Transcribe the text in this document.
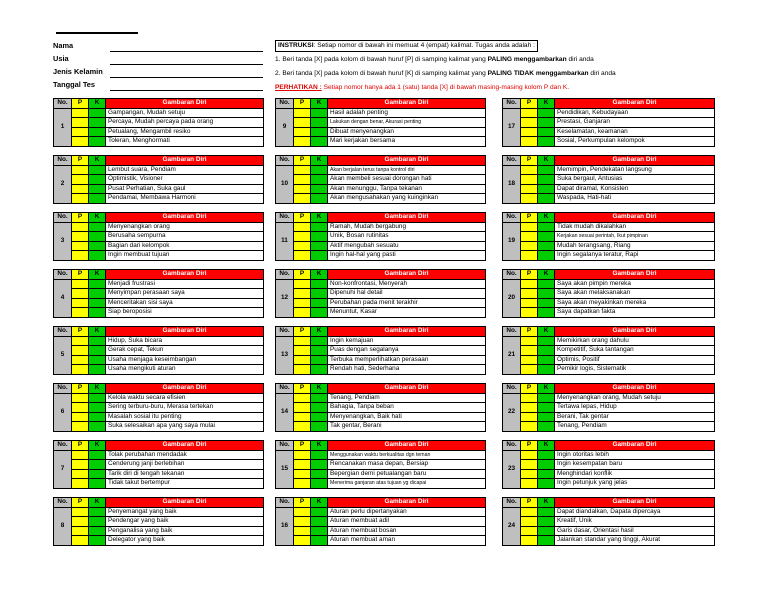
Nama
Usia
Jenis Kelamin
Tanggal Tes
INSTRUKSI: Setiap nomor di bawah ini memuat 4 (empat) kalimat. Tugas anda adalah :
1. Beri tanda [X] pada kolom di bawah huruf [P] di samping kalimat yang PALING menggambarkan diri anda
2. Beri tanda [X] pada kolom di bawah huruf [K] di samping kalimat yang PALING TIDAK menggambarkan diri anda
PERHATIKAN : Setiap nomor hanya ada 1 (satu) tanda [X] di bawah masing-masing kolom P dan K.
No.	P	K	Gambaran Diri
1			Gampangan, Mudah setuju
			Percaya, Mudah percaya pada orang
			Petualang, Mengambil resiko
			Toleran, Menghormati
No.	P	K	Gambaran Diri
2			Lembut suara, Pendiam
			Optimistik, Visioner
			Pusat Perhatian, Suka gaul
			Pendamai, Membawa Harmoni
No.	P	K	Gambaran Diri
3			Menyenangkan orang
			Berusaha sempurna
			Bagian dari kelompok
			Ingin membuat tujuan
No.	P	K	Gambaran Diri
4			Menjadi frustrasi
			Menyimpan perasaan saya
			Menceritakan sisi saya
			Siap beroposisi
No.	P	K	Gambaran Diri
5			Hidup, Suka bicara
			Gerak cepat, Tekun
			Usaha menjaga keseimbangan
			Usaha mengikuti aturan
No.	P	K	Gambaran Diri
6			Kelola waktu secara efisien
			Sering terburu-buru, Merasa tertekan
			Masalah sosial itu penting
			Suka selesaikan apa yang saya mulai
No.	P	K	Gambaran Diri
7			Tolak perubahan mendadak
			Cenderung janji berlebihan
			Tarik diri di tengah tekanan
			Tidak takut bertempur
No.	P	K	Gambaran Diri
8			Penyemangat yang baik
			Pendengar yang baik
			Penganalisa yang baik
			Delegator yang baik
No.	P	K	Gambaran Diri
9			Hasil adalah penting
			Lakukan dengan benar, Akurasi penting
			Dibuat menyenangkan
			Mari kerjakan bersama
No.	P	K	Gambaran Diri
10			Akan berjalan terus tanpa kontrol diri
			Akan membeli sesuai dorongan hati
			Akan menunggu, Tanpa tekanan
			Akan mengusahakan yang kuinginkan
No.	P	K	Gambaran Diri
11			Ramah, Mudah bergabung
			Unik, Bosan rutinitas
			Aktif mengubah sesuatu
			Ingin hal-hal yang pasti
No.	P	K	Gambaran Diri
12			Non-konfrontasi, Menyerah
			Dipenuhi hal detail
			Perubahan pada menit terakhir
			Menuntut, Kasar
No.	P	K	Gambaran Diri
13			Ingin kemajuan
			Puas dengan segalanya
			Terbuka memperlihatkan perasaan
			Rendah hati, Sederhana
No.	P	K	Gambaran Diri
14			Tenang, Pendiam
			Bahagia, Tanpa beban
			Menyenangkan, Baik hati
			Tak gentar, Berani
No.	P	K	Gambaran Diri
15			Menggunakan waktu berkualitas dgn teman
			Rencanakan masa depan, Bersiap
			Bepergian demi petualangan baru
			Menerima ganjaran atas tujuan yg dicapai
No.	P	K	Gambaran Diri
16			Aturan perlu dipertanyakan
			Aturan membuat adil
			Aturan membuat bosan
			Aturan membuat aman
No.	P	K	Gambaran Diri
17			Pendidikan, Kebudayaan
			Prestasi, Ganjaran
			Keselamatan, keamanan
			Sosial, Perkumpulan kelompok
No.	P	K	Gambaran Diri
18			Memimpin, Pendekatan langsung
			Suka bergaul, Antusias
			Dapat diramal, Konsisten
			Waspada, Hati-hati
No.	P	K	Gambaran Diri
19			Tidak mudah dikalahkan
			Kerjakan sesuai perintah, Ikut pimpinan
			Mudah terangsang, Riang
			Ingin segalanya teratur, Rapi
No.	P	K	Gambaran Diri
20			Saya akan pimpin mereka
			Saya akan melaksanakan
			Saya akan meyakinkan mereka
			Saya dapatkan fakta
No.	P	K	Gambaran Diri
21			Memikirkan orang dahulu
			Kompetitif, Suka tantangan
			Optimis, Positif
			Pemikir logis, Sistematik
No.	P	K	Gambaran Diri
22			Menyenangkan orang, Mudah setuju
			Tertawa lepas, Hidup
			Berani, Tak gentar
			Tenang, Pendiam
No.	P	K	Gambaran Diri
23			Ingin otoritas lebih
			Ingin kesempatan baru
			Menghindari konflik
			Ingin petunjuk yang jelas
No.	P	K	Gambaran Diri
24			Dapat diandalkan, Dapata dipercaya
			Kreatif, Unik
			Garis dasar, Orientasi hasil
			Jalankan standar yang tinggi, Akurat
